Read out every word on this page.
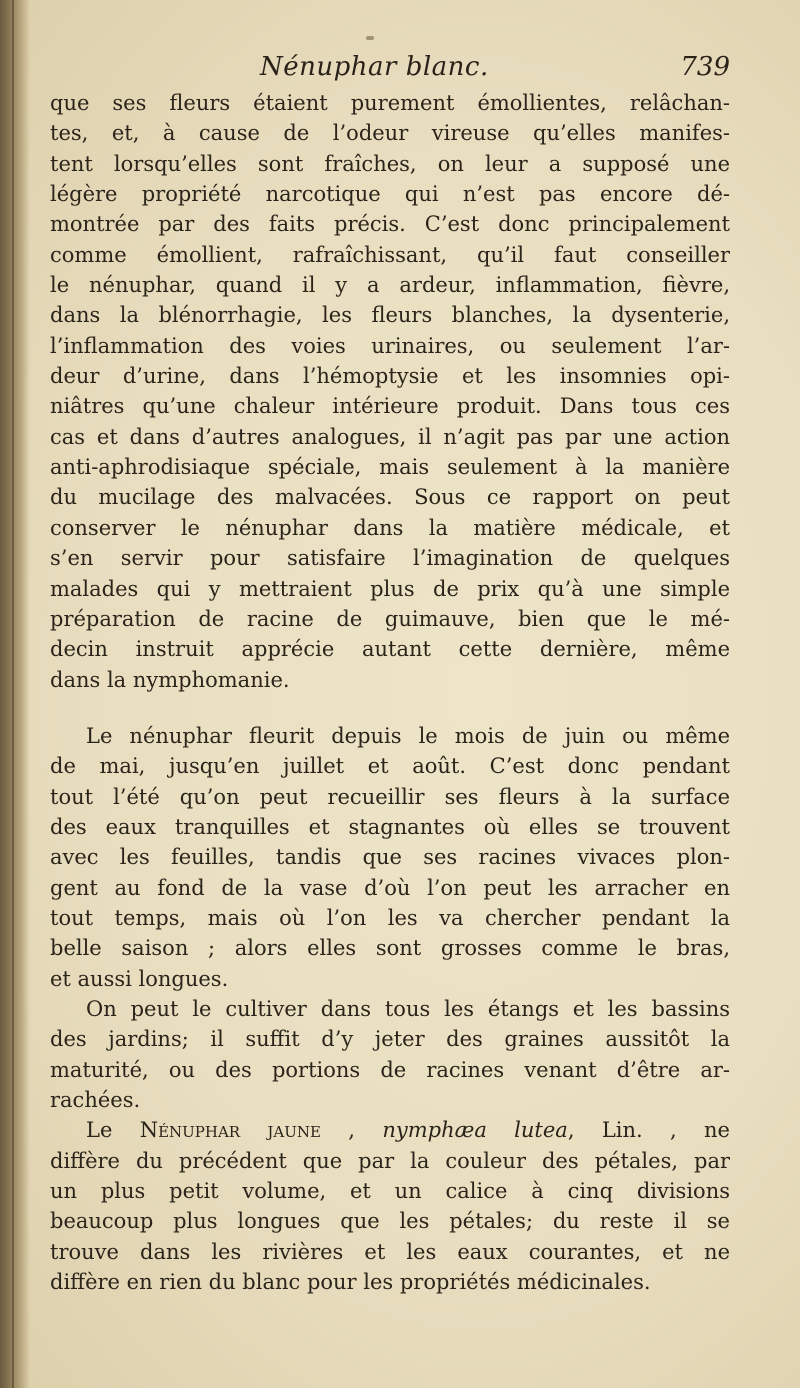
Nénuphar blanc.	739
que ses fleurs étaient purement émollientes, relâchan-
tes, et, à cause de l’odeur vireuse qu’elles manifes-
tent lorsqu’elles sont fraîches, on leur a supposé une
légère propriété narcotique qui n’est pas encore dé-
montrée par des faits précis. C’est donc principalement
comme émollient, rafraîchissant, qu’il faut conseiller
le nénuphar, quand il y a ardeur, inflammation, fièvre,
dans la blénorrhagie, les fleurs blanches, la dysenterie,
l’inflammation des voies urinaires, ou seulement l’ar-
deur d’urine, dans l’hémoptysie et les insomnies opi-
niâtres qu’une chaleur intérieure produit. Dans tous ces
cas et dans d’autres analogues, il n’agit pas par une action
anti-aphrodisiaque spéciale, mais seulement à la manière
du mucilage des malvacées. Sous ce rapport on peut
conserver le nénuphar dans la matière médicale, et
s’en servir pour satisfaire l’imagination de quelques
malades qui y mettraient plus de prix qu’à une simple
préparation de racine de guimauve, bien que le mé-
decin instruit apprécie autant cette dernière, même
dans la nymphomanie.
Le nénuphar fleurit depuis le mois de juin ou même
de mai, jusqu’en juillet et août. C’est donc pendant
tout l’été qu’on peut recueillir ses fleurs à la surface
des eaux tranquilles et stagnantes où elles se trouvent
avec les feuilles, tandis que ses racines vivaces plon-
gent au fond de la vase d’où l’on peut les arracher en
tout temps, mais où l’on les va chercher pendant la
belle saison ; alors elles sont grosses comme le bras,
et aussi longues.
On peut le cultiver dans tous les étangs et les bassins
des jardins; il suffit d’y jeter des graines aussitôt la
maturité, ou des portions de racines venant d’être ar-
rachées.
Le Nénuphar jaune , nymphæa lutea, Lin. , ne
diffère du précédent que par la couleur des pétales, par
un plus petit volume, et un calice à cinq divisions
beaucoup plus longues que les pétales; du reste il se
trouve dans les rivières et les eaux courantes, et ne
diffère en rien du blanc pour les propriétés médicinales.
